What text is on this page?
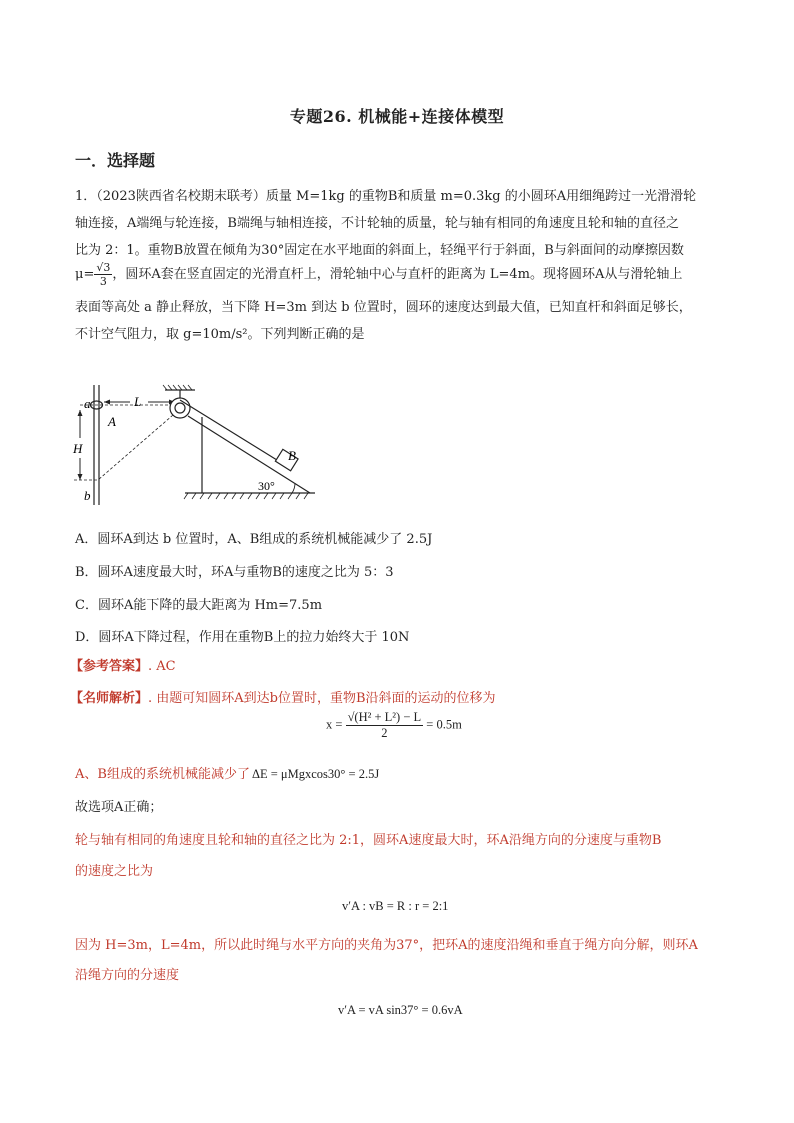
专题26. 机械能+连接体模型
一．选择题
1．（2023陕西省名校期末联考）质量 M=1kg 的重物B和质量 m=0.3kg 的小圆环A用细绳跨过一光滑滑轮
轴连接，A端绳与轮连接，B端绳与轴相连接，不计轮轴的质量，轮与轴有相同的角速度且轮和轴的直径之
比为 2：1。重物B放置在倾角为30°固定在水平地面的斜面上，轻绳平行于斜面，B与斜面间的动摩擦因数
$\mu= \frac{√3}{3}$ ，圆环A套在竖直固定的光滑直杆上，滑轮轴中心与直杆的距离为 L=4m。现将圆环A从与滑轮轴上
表面等高处 a 静止释放，当下降 H=3m 到达 b 位置时，圆环的速度达到最大值，已知直杆和斜面足够长，
不计空气阻力，取 g=10m/s²。下列判断正确的是
a
A
L
H
b
B
30°
A．圆环A到达 b 位置时，A、B组成的系统机械能减少了 2.5J
B．圆环A速度最大时，环A与重物B的速度之比为 5：3
C．圆环A能下降的最大距离为 Hm=7.5m
D．圆环A下降过程，作用在重物B上的拉力始终大于 10N
【参考答案】. AC
【名师解析】. 由题可知圆环A到达b位置时，重物B沿斜面的运动的位移为
$x = \frac{\text{√(H² + L²) − L}}{2} = 0.5m$
A、B组成的系统机械能减少了 ΔE = μMgxcos30° = 2.5J
故选项A正确；
轮与轴有相同的角速度且轮和轴的直径之比为 2:1，圆环A速度最大时，环A沿绳方向的分速度与重物B
的速度之比为
v′A : vB = R : r = 2:1
因为 H=3m，L=4m，所以此时绳与水平方向的夹角为37°，把环A的速度沿绳和垂直于绳方向分解，则环A
沿绳方向的分速度
v′A = vA sin37° = 0.6vA
